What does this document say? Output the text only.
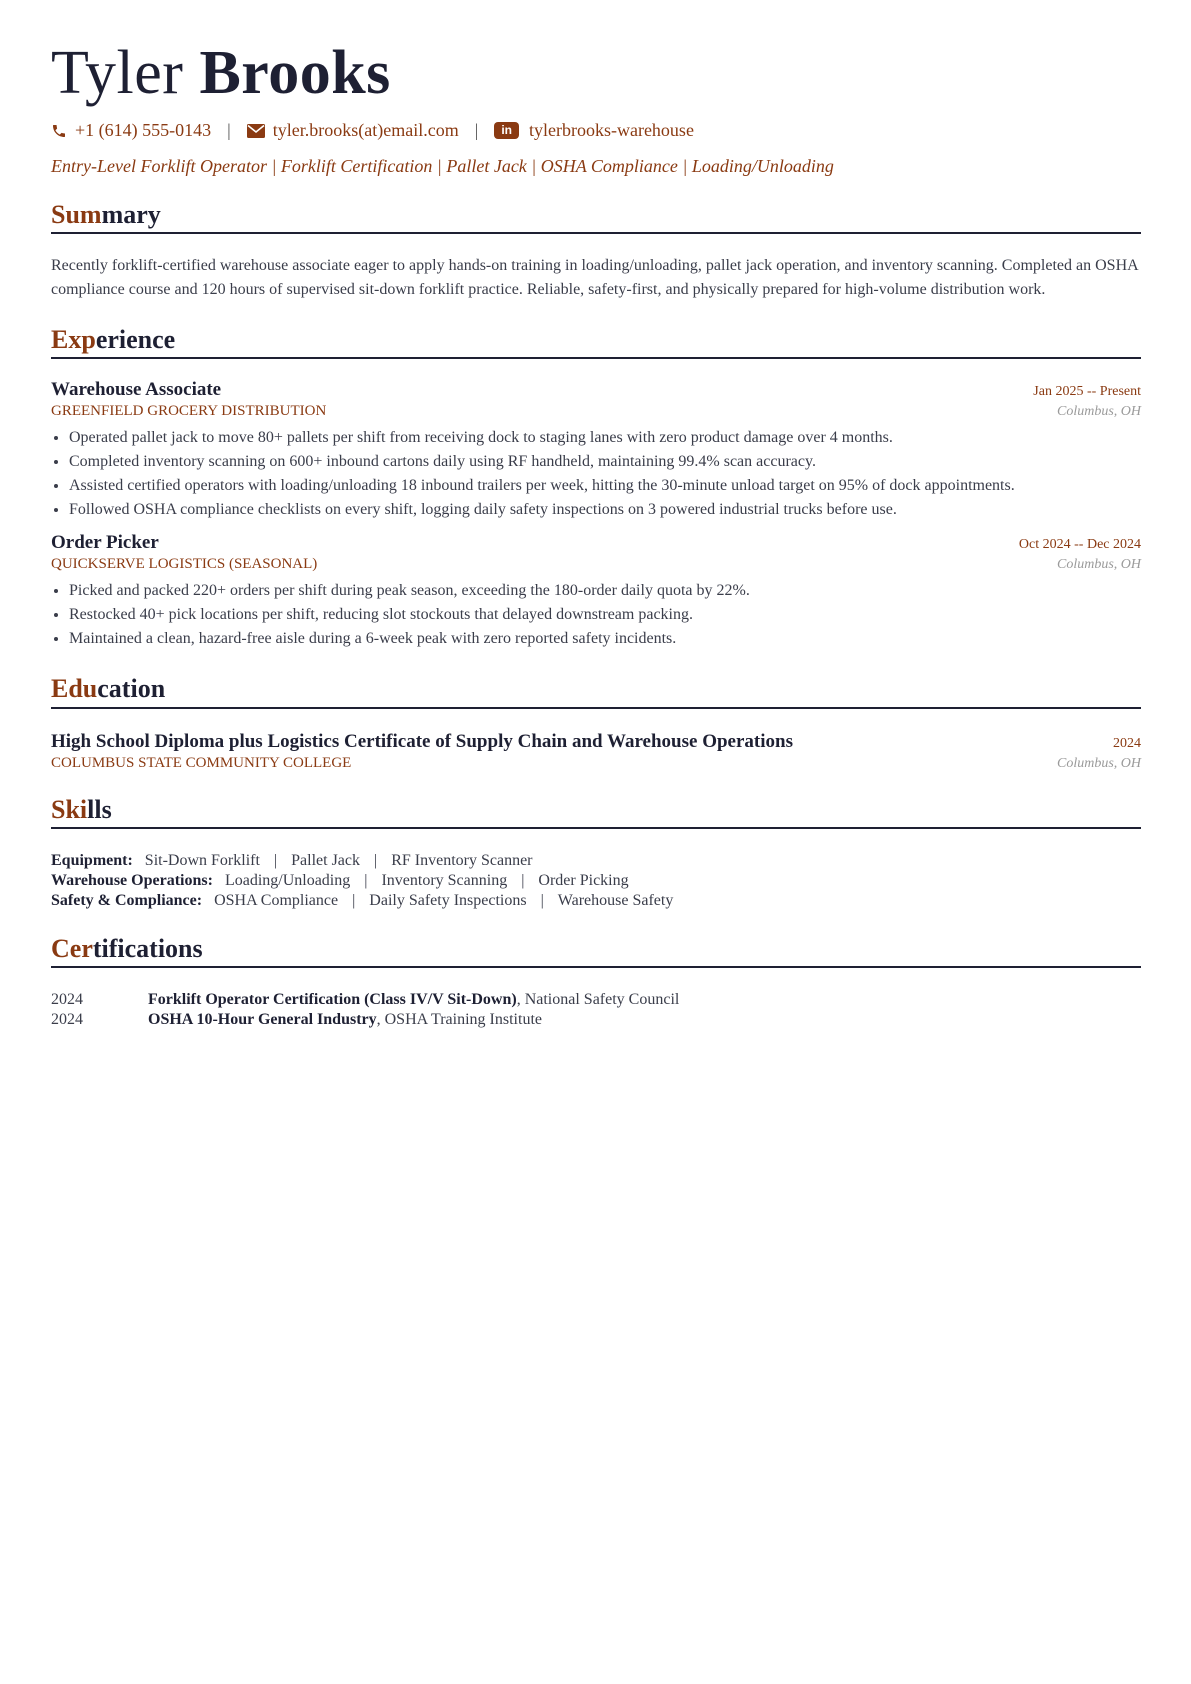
Tyler Brooks
+1 (614) 555-0143 | tyler.brooks(at)email.com |	in tylerbrooks-warehouse
Entry-Level Forklift Operator | Forklift Certification | Pallet Jack | OSHA Compliance | Loading/Unloading
Summary
Recently forklift-certified warehouse associate eager to apply hands-on training in loading/unloading, pallet jack operation, and inventory scanning. Completed an OSHA compliance course and 120 hours of supervised sit-down forklift practice. Reliable, safety-first, and physically prepared for high-volume distribution work.
Experience
Warehouse Associate	Jan 2025 -- Present
GREENFIELD GROCERY DISTRIBUTION	Columbus, OH
• Operated pallet jack to move 80+ pallets per shift from receiving dock to staging lanes with zero product damage over 4 months.
• Completed inventory scanning on 600+ inbound cartons daily using RF handheld, maintaining 99.4% scan accuracy.
• Assisted certified operators with loading/unloading 18 inbound trailers per week, hitting the 30-minute unload target on 95% of dock appointments.
• Followed OSHA compliance checklists on every shift, logging daily safety inspections on 3 powered industrial trucks before use.
Order Picker	Oct 2024 -- Dec 2024
QUICKSERVE LOGISTICS (SEASONAL)	Columbus, OH
• Picked and packed 220+ orders per shift during peak season, exceeding the 180-order daily quota by 22%.
• Restocked 40+ pick locations per shift, reducing slot stockouts that delayed downstream packing.
• Maintained a clean, hazard-free aisle during a 6-week peak with zero reported safety incidents.
Education
High School Diploma plus Logistics Certificate of Supply Chain and Warehouse Operations	2024
COLUMBUS STATE COMMUNITY COLLEGE	Columbus, OH
Skills
Equipment: Sit-Down Forklift | Pallet Jack | RF Inventory Scanner
Warehouse Operations: Loading/Unloading | Inventory Scanning | Order Picking
Safety & Compliance: OSHA Compliance | Daily Safety Inspections | Warehouse Safety
Certifications
2024	Forklift Operator Certification (Class IV/V Sit-Down), National Safety Council
2024	OSHA 10-Hour General Industry, OSHA Training Institute
